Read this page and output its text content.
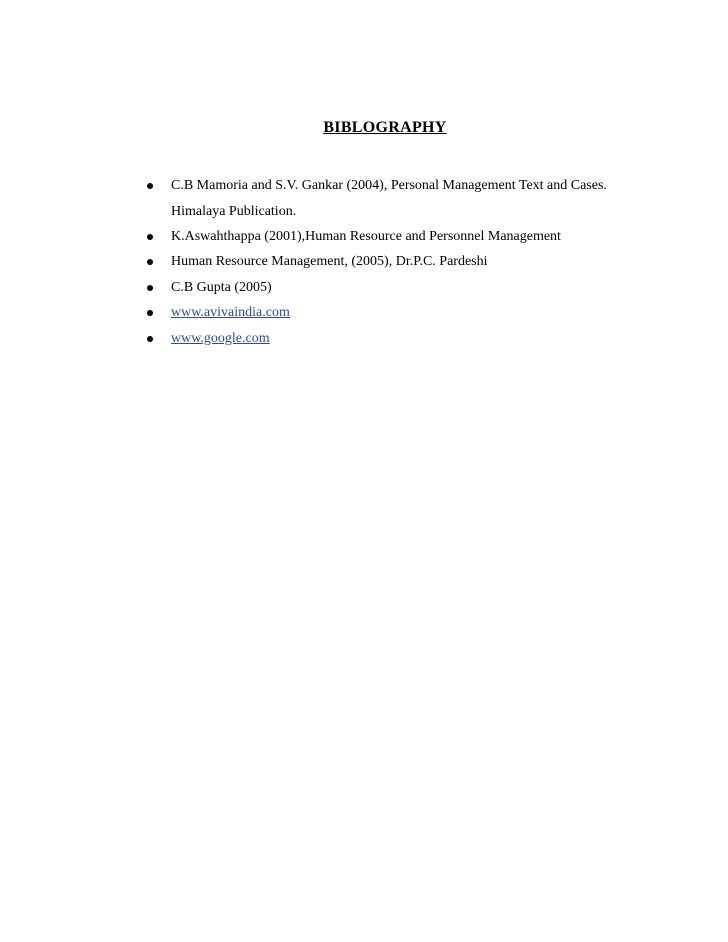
BIBLOGRAPHY
C.B Mamoria and S.V. Gankar (2004), Personal Management Text and Cases.
Himalaya Publication.
K.Aswahthappa (2001),Human Resource and Personnel Management
Human Resource Management, (2005), Dr.P.C. Pardeshi
C.B Gupta (2005)
www.avivaindia.com
www.google.com
